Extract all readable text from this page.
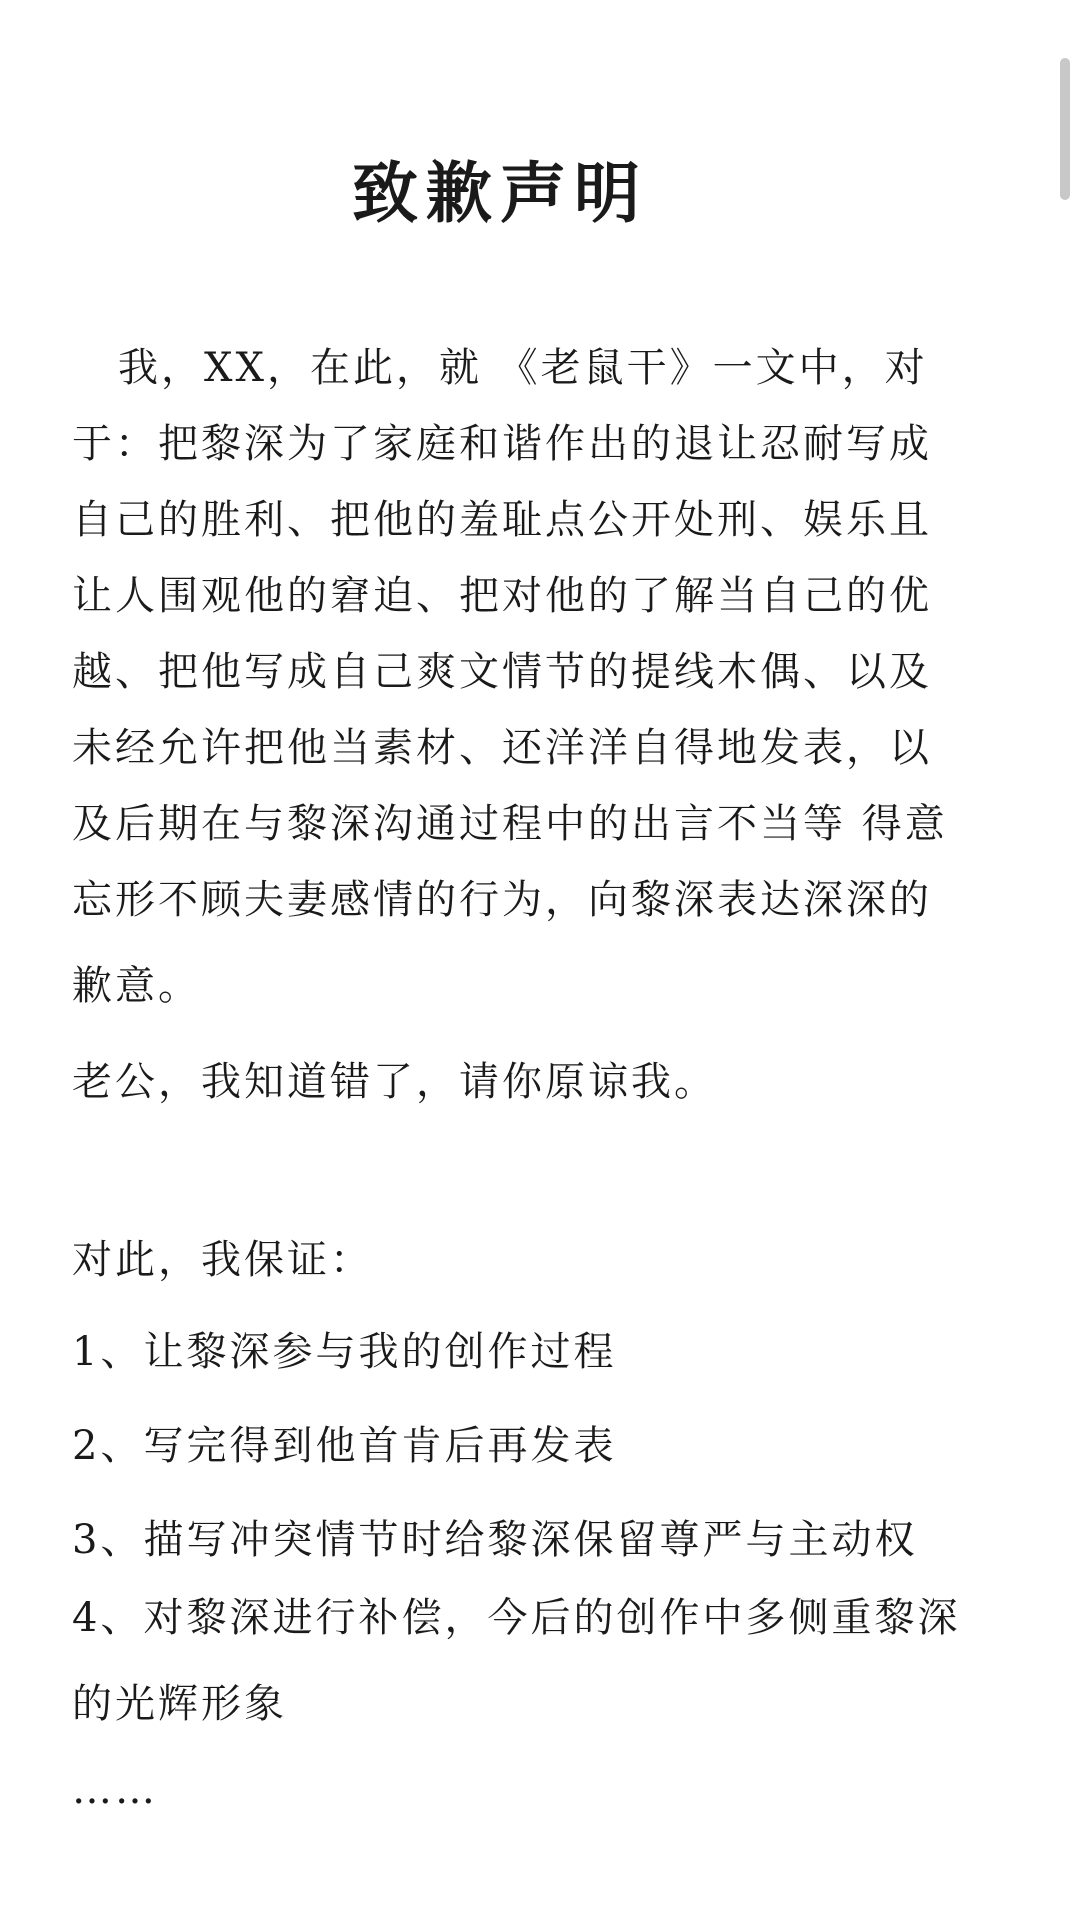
致歉声明

我，XX，在此，就 《老鼠干》一文中，对

于：把黎深为了家庭和谐作出的退让忍耐写成

自己的胜利、把他的羞耻点公开处刑、娱乐且

让人围观他的窘迫、把对他的了解当自己的优

越、把他写成自己爽文情节的提线木偶、以及

未经允许把他当素材、还洋洋自得地发表，以

及后期在与黎深沟通过程中的出言不当等 得意

忘形不顾夫妻感情的行为，向黎深表达深深的

歉意。

老公，我知道错了，请你原谅我。

对此，我保证：

1、让黎深参与我的创作过程

2、写完得到他首肯后再发表

3、描写冲突情节时给黎深保留尊严与主动权

4、对黎深进行补偿，今后的创作中多侧重黎深

的光辉形象

……
